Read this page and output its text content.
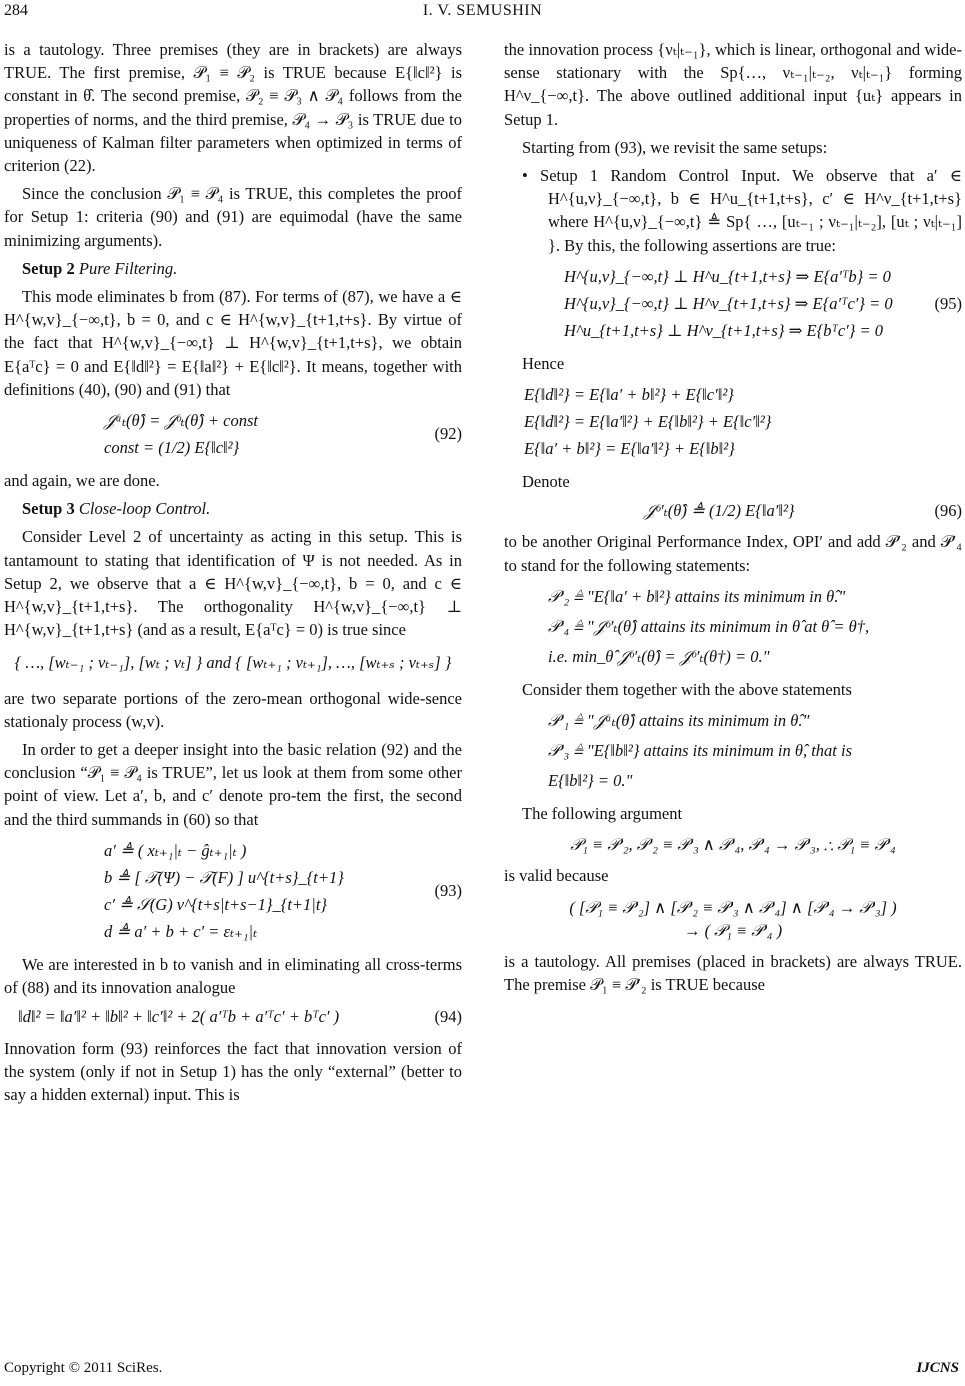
284	I. V. SEMUSHIN

is a tautology. Three premises (they are in brackets) are always TRUE. The first premise, 𝒫₁ ≡ 𝒫₂ is TRUE because E{‖c‖²} is constant in θ̂. The second premise, 𝒫₂ ≡ 𝒫₃ ∧ 𝒫₄ follows from the properties of norms, and the third premise, 𝒫₄ → 𝒫₃ is TRUE due to uniqueness of Kalman filter parameters when optimized in terms of criterion (22).

Since the conclusion 𝒫₁ ≡ 𝒫₄ is TRUE, this completes the proof for Setup 1: criteria (90) and (91) are equimodal (have the same minimizing arguments).

Setup 2 Pure Filtering.

This mode eliminates b from (87). For terms of (87), we have a ∈ H^{w,v}_{−∞,t}, b = 0, and c ∈ H^{w,v}_{t+1,t+s}. By virtue of the fact that H^{w,v}_{−∞,t} ⊥ H^{w,v}_{t+1,t+s}, we obtain E{aᵀc} = 0 and E{‖d‖²} = E{‖a‖²} + E{‖c‖²}. It means, together with definitions (40), (90) and (91) that

𝒥ᵃₜ(θ̂) = 𝒥ᵒₜ(θ̂) + const
const = (1/2) E{‖c‖²}
(92)

and again, we are done.

Setup 3 Close-loop Control.

Consider Level 2 of uncertainty as acting in this setup. This is tantamount to stating that identification of Ψ is not needed. As in Setup 2, we observe that a ∈ H^{w,v}_{−∞,t}, b = 0, and c ∈ H^{w,v}_{t+1,t+s}. The orthogonality H^{w,v}_{−∞,t} ⊥ H^{w,v}_{t+1,t+s} (and as a result, E{aᵀc} = 0) is true since

{ …, [wₜ₋₁ ; vₜ₋₁], [wₜ ; vₜ] } and { [wₜ₊₁ ; vₜ₊₁], …, [wₜ₊ₛ ; vₜ₊ₛ] }

are two separate portions of the zero-mean orthogonal wide-sence stationaly process (w,v).

In order to get a deeper insight into the basic relation (92) and the conclusion “𝒫₁ ≡ 𝒫₄ is TRUE”, let us look at them from some other point of view. Let a′, b, and c′ denote pro-tem the first, the second and the third summands in (60) so that

a′ ≜ ( xₜ₊₁|ₜ − ĝₜ₊₁|ₜ )
b ≜ [ 𝒯(Ψ) − 𝒯(F) ] u^{t+s}_{t+1}
c′ ≜ 𝒮(G) ν^{t+s|t+s−1}_{t+1|t}
d ≜ a′ + b + c′ = εₜ₊₁|ₜ
(93)

We are interested in b to vanish and in eliminating all cross-terms of (88) and its innovation analogue

‖d‖² = ‖a′‖² + ‖b‖² + ‖c′‖² + 2( a′ᵀb + a′ᵀc′ + bᵀc′ )	(94)

Innovation form (93) reinforces the fact that innovation version of the system (only if not in Setup 1) has the only “external” (better to say a hidden external) input. This is

the innovation process {νₜ|ₜ₋₁}, which is linear, orthogonal and wide-sense stationary with the Sp{…, νₜ₋₁|ₜ₋₂, νₜ|ₜ₋₁} forming H^ν_{−∞,t}. The above outlined additional input {uₜ} appears in Setup 1.

Starting from (93), we revisit the same setups:

• Setup 1 Random Control Input. We observe that a′ ∈ H^{u,ν}_{−∞,t}, b ∈ H^u_{t+1,t+s}, c′ ∈ H^ν_{t+1,t+s} where H^{u,ν}_{−∞,t} ≜ Sp{ …, [uₜ₋₁ ; νₜ₋₁|ₜ₋₂], [uₜ ; νₜ|ₜ₋₁] }. By this, the following assertions are true:

H^{u,ν}_{−∞,t} ⊥ H^u_{t+1,t+s} ⇒ E{a′ᵀb} = 0
H^{u,ν}_{−∞,t} ⊥ H^ν_{t+1,t+s} ⇒ E{a′ᵀc′} = 0
H^u_{t+1,t+s} ⊥ H^ν_{t+1,t+s} ⇒ E{bᵀc′} = 0
(95)

Hence

E{‖d‖²} = E{‖a′ + b‖²} + E{‖c′‖²}
E{‖d‖²} = E{‖a′‖²} + E{‖b‖²} + E{‖c′‖²}
E{‖a′ + b‖²} = E{‖a′‖²} + E{‖b‖²}

Denote

𝒥ᵒ′ₜ(θ̂) ≜ (1/2) E{‖a′‖²}	(96)

to be another Original Performance Index, OPI′ and add 𝒫′₂ and 𝒫′₄ to stand for the following statements:

𝒫′₂ ≜ "E{‖a′ + b‖²} attains its minimum in θ̂."
𝒫′₄ ≜ "𝒥ᵒ′ₜ(θ̂) attains its minimum in θ̂ at θ̂ = θ†,
i.e. min_θ̂ 𝒥ᵒ′ₜ(θ̂) = 𝒥ᵒ′ₜ(θ†) = 0."

Consider them together with the above statements

𝒫′₁ ≜ "𝒥ᵃₜ(θ̂) attains its minimum in θ̂."
𝒫′₃ ≜ "E{‖b‖²} attains its minimum in θ̂, that is
E{‖b‖²} = 0."

The following argument

𝒫₁ ≡ 𝒫′₂, 𝒫′₂ ≡ 𝒫′₃ ∧ 𝒫′₄, 𝒫′₄ → 𝒫′₃, ∴ 𝒫₁ ≡ 𝒫′₄

is valid because

( [𝒫₁ ≡ 𝒫′₂] ∧ [𝒫′₂ ≡ 𝒫′₃ ∧ 𝒫′₄] ∧ [𝒫′₄ → 𝒫′₃] )
→ ( 𝒫₁ ≡ 𝒫′₄ )

is a tautology. All premises (placed in brackets) are always TRUE. The premise 𝒫₁ ≡ 𝒫′₂ is TRUE because

Copyright © 2011 SciRes.	IJCNS
